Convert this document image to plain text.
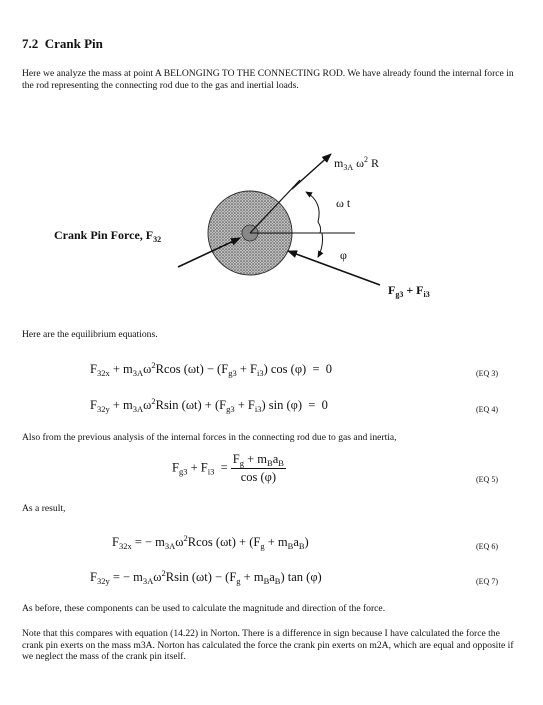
7.2 Crank Pin
Here we analyze the mass at point A BELONGING TO THE CONNECTING ROD. We have already found the internal force in the rod representing the connecting rod due to the gas and inertial loads.
Crank Pin Force, $F_{32}$
$m_{3A}$ $\omega^2$ R
ω t
φ
$F_{g3} + F_{i3}$
Here are the equilibrium equations.
$F_{32x} + m_{3A}\omega^2Rcos$ $(\omega t) - (F_{g3} + F_{i3})$ cos (φ)  =  0	(EQ 3)
$F_{32y} + m_{3A}\omega^2Rsin$ $(\omega t) + (F_{g3} + F_{i3})$ sin (φ)  =  0	(EQ 4)
Also from the previous analysis of the internal forces in the connecting rod due to gas and inertia,
$F_{g3} + F_{i3} = \frac{F_g + m_Ba_B}{\cos (\varphi)}$	(EQ 5)
As a result,
$F_{32x}$ = − $m_{3A}\omega^2Rcos$ $(\omega t) + (F_g + m_Ba_B)$	(EQ 6)
$F_{32y}$ = − $m_{3A}\omega^2Rsin$ $(\omega t) - (F_g + m_Ba_B)$ tan (φ)	(EQ 7)
As before, these components can be used to calculate the magnitude and direction of the force.
Note that this compares with equation (14.22) in Norton. There is a difference in sign because I have calculated the force the crank pin exerts on the mass m3A. Norton has calculated the force the crank pin exerts on m2A, which are equal and opposite if we neglect the mass of the crank pin itself.
